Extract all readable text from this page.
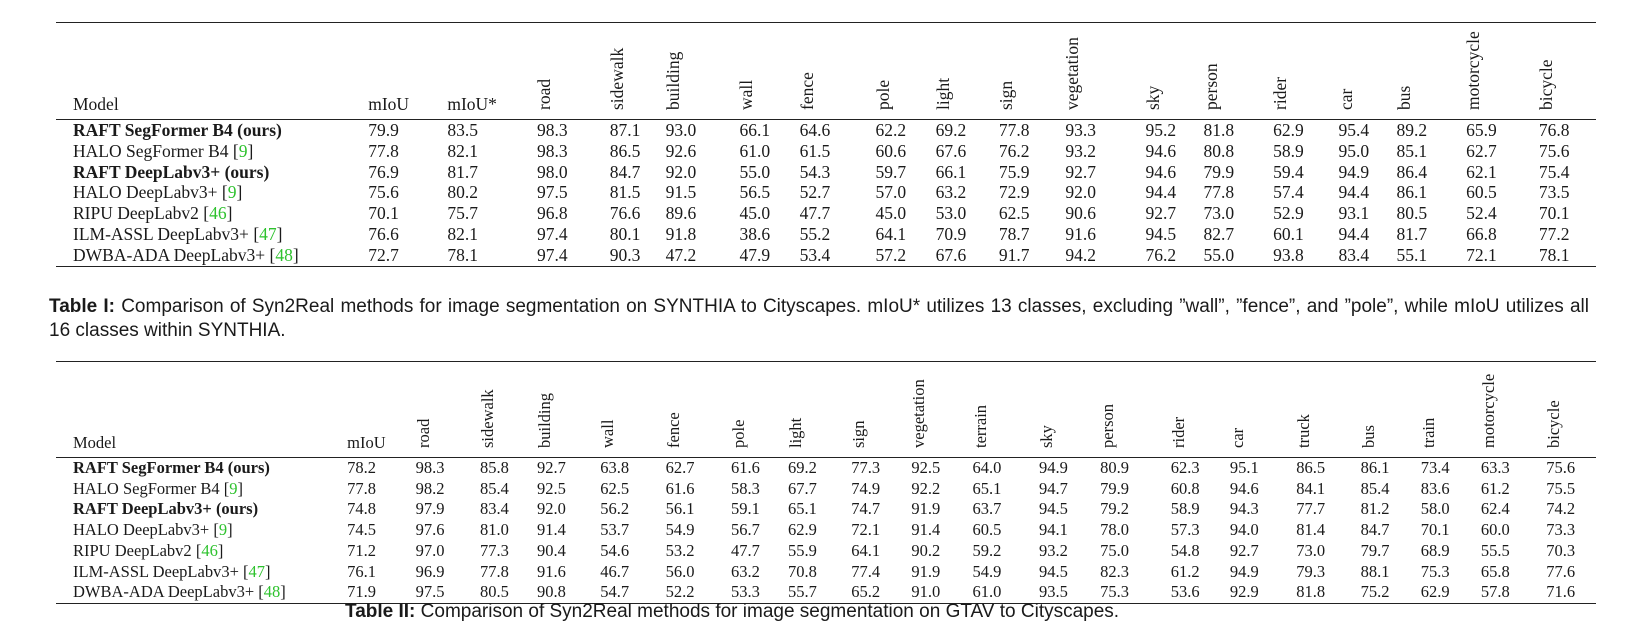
Model	mIoU	mIoU*	road	sidewalk	building	wall	fence	pole	light	sign	vegetation	sky	person	rider	car	bus	motorcycle	bicycle

RAFT SegFormer B4 (ours)	79.9	83.5	98.3	87.1	93.0	66.1	64.6	62.2	69.2	77.8	93.3	95.2	81.8	62.9	95.4	89.2	65.9	76.8
HALO SegFormer B4 [9]	77.8	82.1	98.3	86.5	92.6	61.0	61.5	60.6	67.6	76.2	93.2	94.6	80.8	58.9	95.0	85.1	62.7	75.6
RAFT DeepLabv3+ (ours)	76.9	81.7	98.0	84.7	92.0	55.0	54.3	59.7	66.1	75.9	92.7	94.6	79.9	59.4	94.9	86.4	62.1	75.4
HALO DeepLabv3+ [9]	75.6	80.2	97.5	81.5	91.5	56.5	52.7	57.0	63.2	72.9	92.0	94.4	77.8	57.4	94.4	86.1	60.5	73.5
RIPU DeepLabv2 [46]	70.1	75.7	96.8	76.6	89.6	45.0	47.7	45.0	53.0	62.5	90.6	92.7	73.0	52.9	93.1	80.5	52.4	70.1
ILM-ASSL DeepLabv3+ [47]	76.6	82.1	97.4	80.1	91.8	38.6	55.2	64.1	70.9	78.7	91.6	94.5	82.7	60.1	94.4	81.7	66.8	77.2
DWBA-ADA DeepLabv3+ [48]	72.7	78.1	97.4	90.3	47.2	47.9	53.4	57.2	67.6	91.7	94.2	76.2	55.0	93.8	83.4	55.1	72.1	78.1
Table I: Comparison of Syn2Real methods for image segmentation on SYNTHIA to Cityscapes. mIoU* utilizes 13 classes, excluding ”wall”, ”fence”, and ”pole”, while mIoU utilizes all 16 classes within SYNTHIA.
Model	mIoU	road	sidewalk	building	wall	fence	pole	light	sign	vegetation	terrain	sky	person	rider	car	truck	bus	train	motorcycle	bicycle

RAFT SegFormer B4 (ours)	78.2	98.3	85.8	92.7	63.8	62.7	61.6	69.2	77.3	92.5	64.0	94.9	80.9	62.3	95.1	86.5	86.1	73.4	63.3	75.6
HALO SegFormer B4 [9]	77.8	98.2	85.4	92.5	62.5	61.6	58.3	67.7	74.9	92.2	65.1	94.7	79.9	60.8	94.6	84.1	85.4	83.6	61.2	75.5
RAFT DeepLabv3+ (ours)	74.8	97.9	83.4	92.0	56.2	56.1	59.1	65.1	74.7	91.9	63.7	94.5	79.2	58.9	94.3	77.7	81.2	58.0	62.4	74.2
HALO DeepLabv3+ [9]	74.5	97.6	81.0	91.4	53.7	54.9	56.7	62.9	72.1	91.4	60.5	94.1	78.0	57.3	94.0	81.4	84.7	70.1	60.0	73.3
RIPU DeepLabv2 [46]	71.2	97.0	77.3	90.4	54.6	53.2	47.7	55.9	64.1	90.2	59.2	93.2	75.0	54.8	92.7	73.0	79.7	68.9	55.5	70.3
ILM-ASSL DeepLabv3+ [47]	76.1	96.9	77.8	91.6	46.7	56.0	63.2	70.8	77.4	91.9	54.9	94.5	82.3	61.2	94.9	79.3	88.1	75.3	65.8	77.6
DWBA-ADA DeepLabv3+ [48]	71.9	97.5	80.5	90.8	54.7	52.2	53.3	55.7	65.2	91.0	61.0	93.5	75.3	53.6	92.9	81.8	75.2	62.9	57.8	71.6
Table II: Comparison of Syn2Real methods for image segmentation on GTAV to Cityscapes.
